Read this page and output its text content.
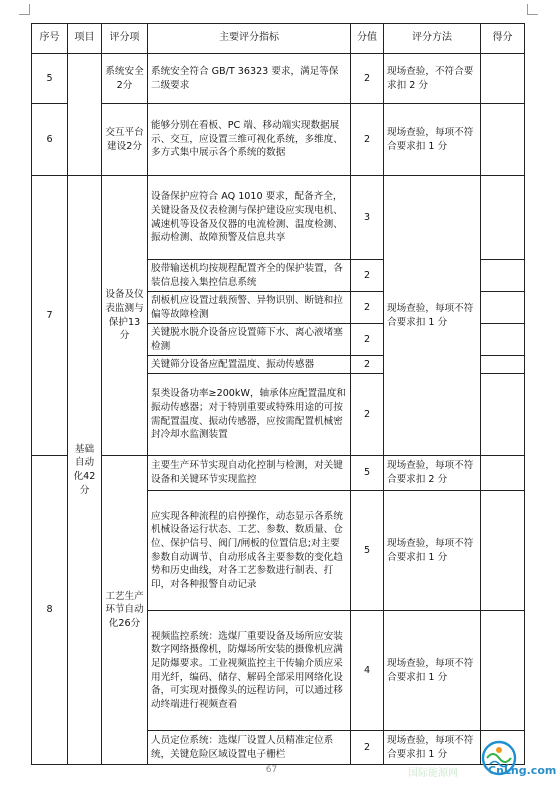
序号	项目	评分项	主要评分指标	分值	评分方法	得分
5		系统安全2分	系统安全符合 GB/T 36323 要求，满足等保二级要求	2	现场查验，不符合要求扣 2 分	
6		交互平台建设2分	能够分别在看板、PC 端、移动端实现数据展示、交互，应设置三维可视化系统，多维度、多方式集中展示各个系统的数据	2	现场查验，每项不符合要求扣 1 分	
7	基础自动化42分	设备及仪表监测与保护13分	设备保护应符合 AQ 1010 要求，配备齐全，关键设备及仪表检测与保护建设应实现电机、减速机等设备及仪器的电流检测、温度检测、振动检测、故障预警及信息共享	3	现场查验，每项不符合要求扣 1 分	
			胶带输送机均按规程配置齐全的保护装置，各装信息接入集控信息系统	2		
			刮板机应设置过载预警、异物识别、断链和拉偏等故障检测	2		
			关键脱水脱介设备应设置筛下水、离心液堵塞检测	2		
			关键筛分设备应配置温度、振动传感器	2		
			泵类设备功率≥200kW，轴承体应配置温度和振动传感器；对于特别重要或特殊用途的可按需配置温度、振动传感器，应按需配置机械密封冷却水监测装置	2		
8		工艺生产环节自动化26分	主要生产环节实现自动化控制与检测，对关键设备和关键环节实现监控	5	现场查验，每项不符合要求扣 2 分	
			应实现各种流程的启停操作，动态显示各系统机械设备运行状态、工艺、参数、数质量、仓位、保护信号、阀门/闸板的位置信息;对主要参数自动调节、自动形成各主要参数的变化趋势和历史曲线，对各工艺参数进行制表、打印，对各种报警自动记录	5	现场查验，每项不符合要求扣 1 分	
			视频监控系统：选煤厂重要设备及场所应安装数字网络摄像机，防爆场所安装的摄像机应满足防爆要求。工业视频监控主干传输介质应采用光纤，编码、储存、解码全部采用网络化设备，可实现对摄像头的远程访问，可以通过移动终端进行视频查看	4	现场查验，每项不符合要求扣 1 分	
			人员定位系统：选煤厂设置人员精准定位系统，关键危险区域设置电子栅栏	2	现场查验，每项不符合要求扣 1 分	
67	国际能源网	CnLng.com
